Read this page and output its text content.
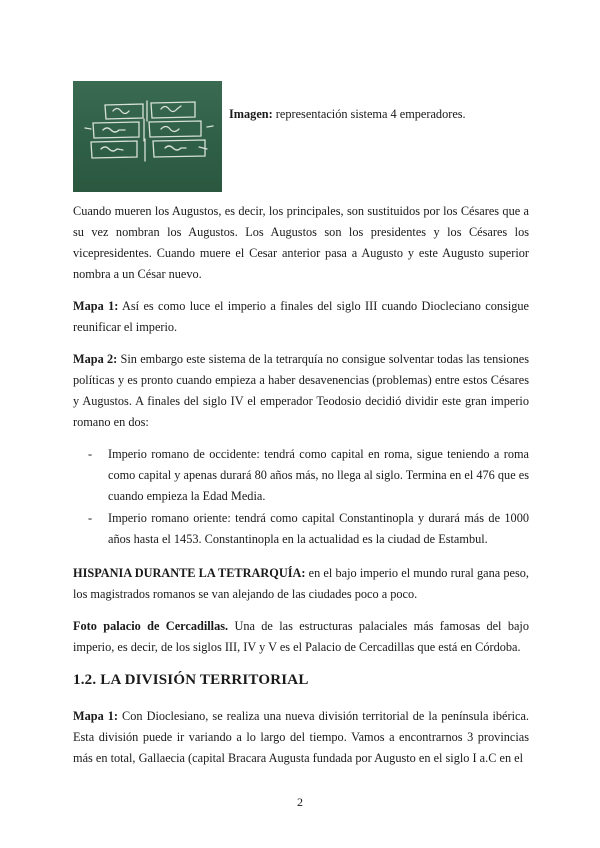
Imagen: representación sistema 4 emperadores.
Cuando mueren los Augustos, es decir, los principales, son sustituidos por los Césares que a su vez nombran los Augustos. Los Augustos son los presidentes y los Césares los vicepresidentes. Cuando muere el Cesar anterior pasa a Augusto y este Augusto superior nombra a un César nuevo.
Mapa 1: Así es como luce el imperio a finales del siglo III cuando Diocleciano consigue reunificar el imperio.
Mapa 2: Sin embargo este sistema de la tetrarquía no consigue solventar todas las tensiones políticas y es pronto cuando empieza a haber desavenencias (problemas) entre estos Césares y Augustos. A finales del siglo IV el emperador Teodosio decidió dividir este gran imperio romano en dos:
-	Imperio romano de occidente: tendrá como capital en roma, sigue teniendo a roma como capital y apenas durará 80 años más, no llega al siglo. Termina en el 476 que es cuando empieza la Edad Media.
-	Imperio romano oriente: tendrá como capital Constantinopla y durará más de 1000 años hasta el 1453. Constantinopla en la actualidad es la ciudad de Estambul.
HISPANIA DURANTE LA TETRARQUÍA: en el bajo imperio el mundo rural gana peso, los magistrados romanos se van alejando de las ciudades poco a poco.
Foto palacio de Cercadillas. Una de las estructuras palaciales más famosas del bajo imperio, es decir, de los siglos III, IV y V es el Palacio de Cercadillas que está en Córdoba.
1.2. LA DIVISIÓN TERRITORIAL
Mapa 1: Con Dioclesiano, se realiza una nueva división territorial de la península ibérica. Esta división puede ir variando a lo largo del tiempo. Vamos a encontrarnos 3 provincias más en total, Gallaecia (capital Bracara Augusta fundada por Augusto en el siglo I a.C en el
2
